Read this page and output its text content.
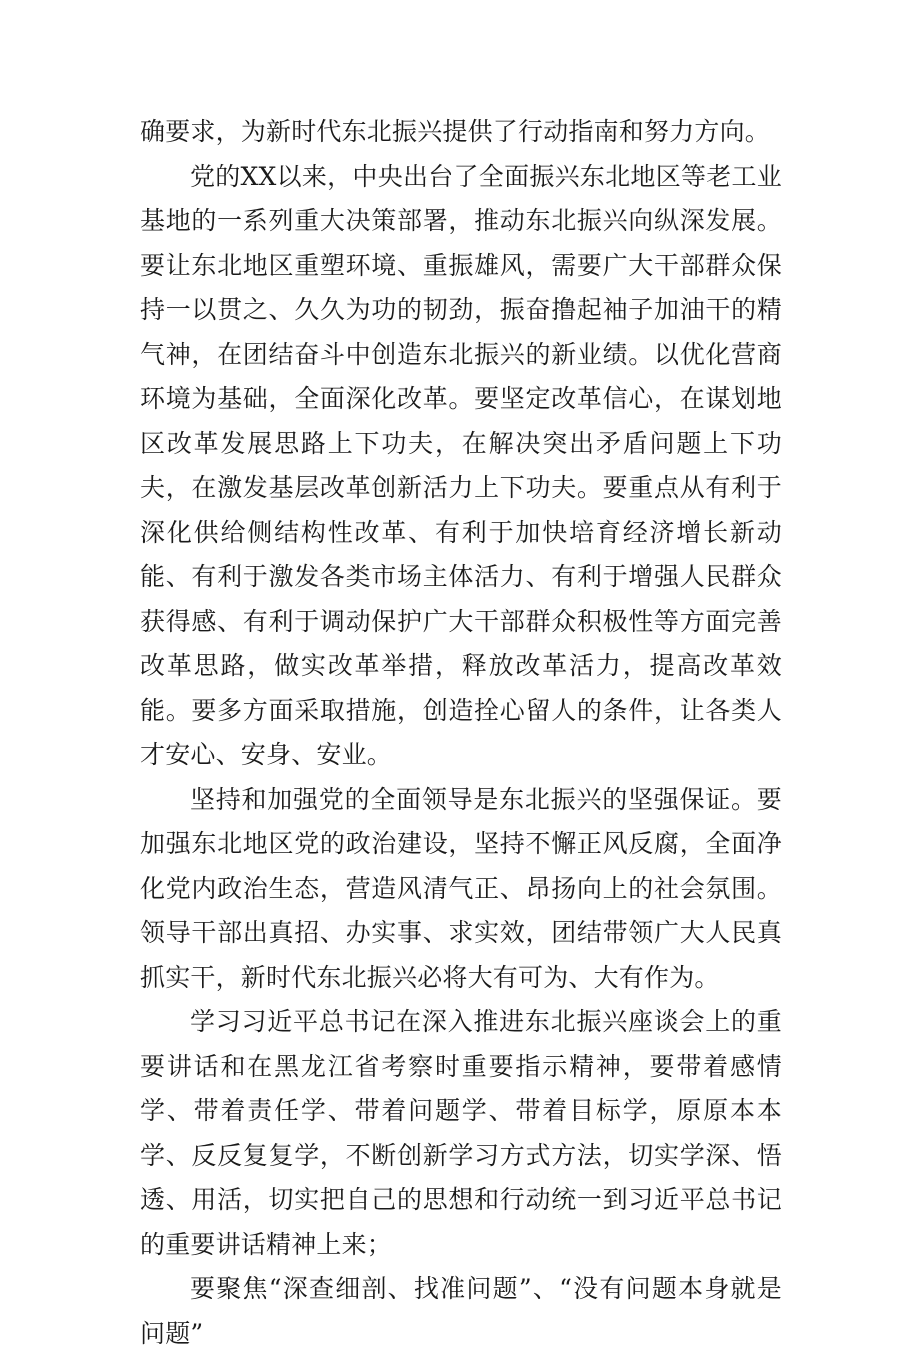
确要求，为新时代东北振兴提供了行动指南和努力方向。

党的XX以来，中央出台了全面振兴东北地区等老工业基地的一系列重大决策部署，推动东北振兴向纵深发展。要让东北地区重塑环境、重振雄风，需要广大干部群众保持一以贯之、久久为功的韧劲，振奋撸起袖子加油干的精气神，在团结奋斗中创造东北振兴的新业绩。以优化营商环境为基础，全面深化改革。要坚定改革信心，在谋划地区改革发展思路上下功夫，在解决突出矛盾问题上下功夫，在激发基层改革创新活力上下功夫。要重点从有利于深化供给侧结构性改革、有利于加快培育经济增长新动能、有利于激发各类市场主体活力、有利于增强人民群众获得感、有利于调动保护广大干部群众积极性等方面完善改革思路，做实改革举措，释放改革活力，提高改革效能。要多方面采取措施，创造拴心留人的条件，让各类人才安心、安身、安业。

坚持和加强党的全面领导是东北振兴的坚强保证。要加强东北地区党的政治建设，坚持不懈正风反腐，全面净化党内政治生态，营造风清气正、昂扬向上的社会氛围。领导干部出真招、办实事、求实效，团结带领广大人民真抓实干，新时代东北振兴必将大有可为、大有作为。

学习习近平总书记在深入推进东北振兴座谈会上的重要讲话和在黑龙江省考察时重要指示精神，要带着感情学、带着责任学、带着问题学、带着目标学，原原本本学、反反复复学，不断创新学习方式方法，切实学深、悟透、用活，切实把自己的思想和行动统一到习近平总书记的重要讲话精神上来；

要聚焦“深查细剖、找准问题”、“没有问题本身就是问题”
